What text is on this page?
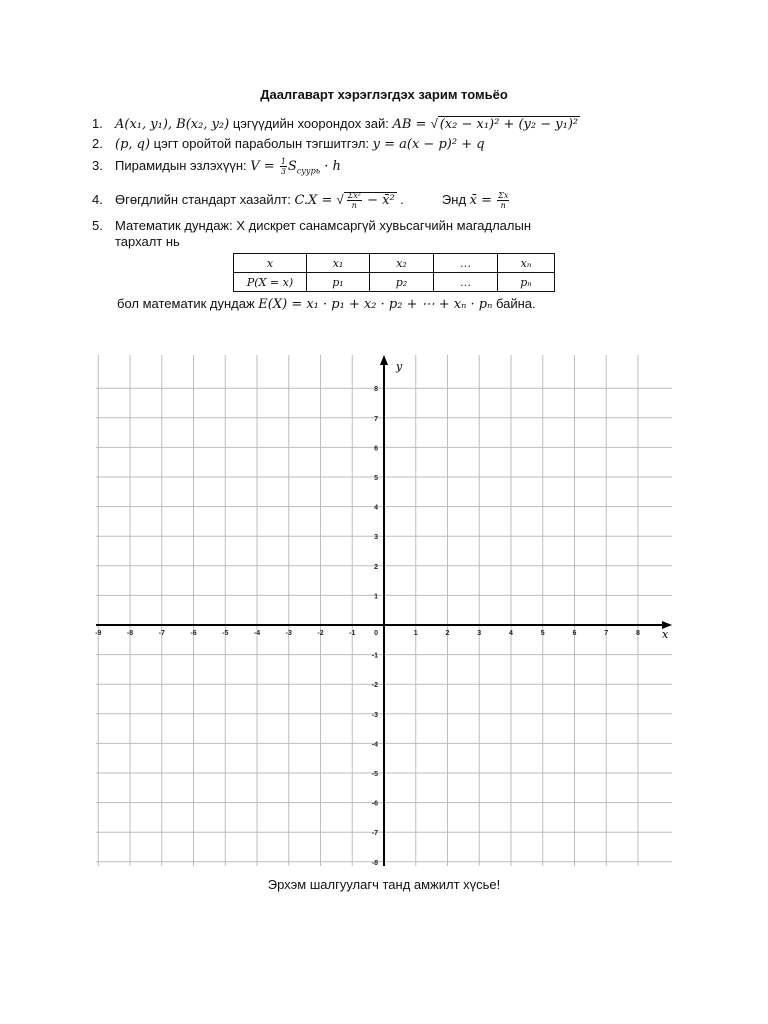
Даалгаварт хэрэглэгдэх зарим томьёо
1. A(x₁, y₁), B(x₂, y₂) цэгүүдийн хоорондох зай: AB = √ (x₂ − x₁)² + (y₂ − y₁)²
2. (p, q) цэгт оройтой параболын тэгшитгэл: y = a(x − p)² + q
3. Пирамидын эзлэхүүн: $V = \frac{1}{3} S_{суурь} \cdot h$
4. Өгөгдлийн стандарт хазайлт: C.X = √ $\frac{\text{Σx²}}{n}$ − x̄² .	Энд x̄ = $\frac{\Sigma x}{n}$
5. Математик дундаж: X дискрет санамсаргүй хувьсагчийн магадлалын
тархалт нь
x	x₁	x₂	…	xₙ
P(X = x)	p₁	p₂	…	pₙ
бол математик дундаж E(X) = x₁ · p₁ + x₂ · p₂ + ⋯ + xₙ · pₙ байна.
-9	-8	-7	-6	-5	-4	-3	-2	-1	1	2	3	4	5	6	7	8
8
7
6
5
4
3
2
1
-1
-2
-3
-4
-5
-6
-7
-8
0	x
y
Эрхэм шалгуулагч танд амжилт хүсье!
